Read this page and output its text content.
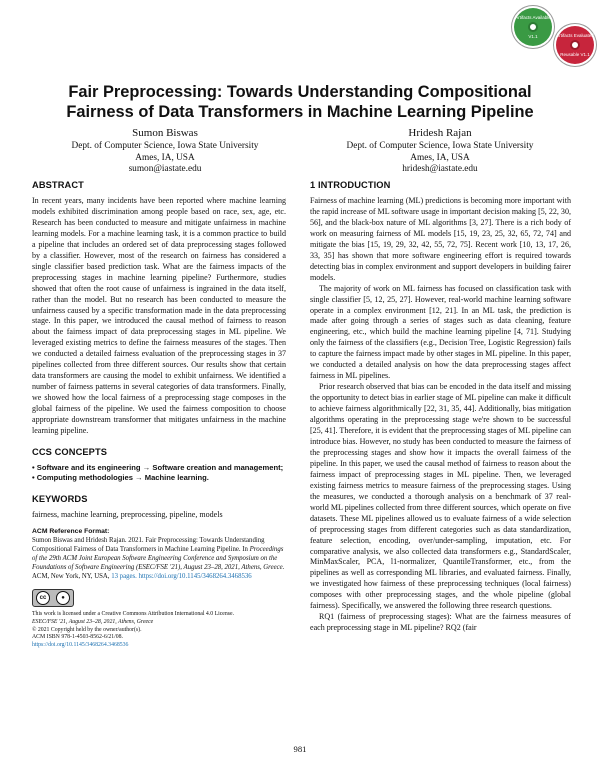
Artifacts Available
V1.1	Artifacts Evaluated
Reusable V1.1
Fair Preprocessing: Towards Understanding Compositional
Fairness of Data Transformers in Machine Learning Pipeline
Sumon Biswas
Dept. of Computer Science, Iowa State University
Ames, IA, USA
sumon@iastate.edu
Hridesh Rajan
Dept. of Computer Science, Iowa State University
Ames, IA, USA
hridesh@iastate.edu
ABSTRACT

In recent years, many incidents have been reported where machine learning models exhibited discrimination among people based on race, sex, age, etc. Research has been conducted to measure and mitigate unfairness in machine learning models. For a machine learning task, it is a common practice to build a pipeline that includes an ordered set of data preprocessing stages followed by a classifier. However, most of the research on fairness has considered a single classifier based prediction task. What are the fairness impacts of the preprocessing stages in machine learning pipeline? Furthermore, studies showed that often the root cause of unfairness is ingrained in the data itself, rather than the model. But no research has been conducted to measure the unfairness caused by a specific transformation made in the data preprocessing stage. In this paper, we introduced the causal method of fairness to reason about the fairness impact of data preprocessing stages in ML pipeline. We leveraged existing metrics to define the fairness measures of the stages. Then we conducted a detailed fairness evaluation of the preprocessing stages in 37 pipelines collected from three different sources. Our results show that certain data transformers are causing the model to exhibit unfairness. We identified a number of fairness patterns in several categories of data transformers. Finally, we showed how the local fairness of a preprocessing stage composes in the global fairness of the pipeline. We used the fairness composition to choose appropriate downstream transformer that mitigates unfairness in the machine learning pipeline.

CCS CONCEPTS

• Software and its engineering → Software creation and management; • Computing methodologies → Machine learning.

KEYWORDS

fairness, machine learning, preprocessing, pipeline, models

ACM Reference Format:
Sumon Biswas and Hridesh Rajan. 2021. Fair Preprocessing: Towards Understanding Compositional Fairness of Data Transformers in Machine Learning Pipeline. In Proceedings of the 29th ACM Joint European Software Engineering Conference and Symposium on the Foundations of Software Engineering (ESEC/FSE '21), August 23–28, 2021, Athens, Greece. ACM, New York, NY, USA, 13 pages. https://doi.org/10.1145/3468264.3468536
cc	●
This work is licensed under a Creative Commons Attribution International 4.0 License.
ESEC/FSE '21, August 23–28, 2021, Athens, Greece
© 2021 Copyright held by the owner/author(s).
ACM ISBN 978-1-4503-8562-6/21/08.
https://doi.org/10.1145/3468264.3468536
1 INTRODUCTION

Fairness of machine learning (ML) predictions is becoming more important with the rapid increase of ML software usage in important decision making [5, 22, 30, 56], and the black-box nature of ML algorithms [3, 27]. There is a rich body of work on measuring fairness of ML models [15, 19, 23, 25, 32, 65, 72, 74] and mitigate the bias [15, 19, 29, 32, 42, 55, 72, 75]. Recent work [10, 13, 17, 26, 33, 35] has shown that more software engineering effort is required towards detecting bias in complex environment and support developers in building fairer models.

The majority of work on ML fairness has focused on classification task with single classifier [5, 12, 25, 27]. However, real-world machine learning software operate in a complex environment [12, 21]. In an ML task, the prediction is made after going through a series of stages such as data cleaning, feature engineering, etc., which build the machine learning pipeline [4, 71]. Studying only the fairness of the classifiers (e.g., Decision Tree, Logistic Regression) fails to capture the fairness impact made by other stages in ML pipeline. In this paper, we conducted a detailed analysis on how the data preprocessing stages affect fairness in ML pipelines.

Prior research observed that bias can be encoded in the data itself and missing the opportunity to detect bias in earlier stage of ML pipeline can make it difficult to achieve fairness algorithmically [22, 31, 35, 44]. Additionally, bias mitigation algorithms operating in the preprocessing stage we're shown to be successful [25, 41]. Therefore, it is evident that the preprocessing stages of ML pipeline can introduce bias. However, no study has been conducted to measure the fairness of the preprocessing stages and show how it impacts the overall fairness of the pipeline. In this paper, we used the causal method of fairness to reason about the fairness impact of preprocessing stages in ML pipeline. Then, we leveraged existing fairness metrics to measure fairness of the preprocessing stages. Using the measures, we conducted a thorough analysis on a benchmark of 37 real-world ML pipelines collected from three different sources, which operate on five datasets. These ML pipelines allowed us to evaluate fairness of a wide selection of preprocessing stages from different categories such as data standardization, feature selection, encoding, over/under-sampling, imputation, etc. For comparative analysis, we also collected data transformers e.g., StandardScaler, MinMaxScaler, PCA, l1-normalizer, QuantileTransformer, etc., from the pipelines as well as corresponding ML libraries, and evaluated fairness. Finally, we investigated how fairness of these preprocessing techniques (local fairness) composes with other preprocessing stages, and the whole pipeline (global fairness). Specifically, we answered the following three research questions.

RQ1 (fairness of preprocessing stages): What are the fairness measures of each preprocessing stage in ML pipeline? RQ2 (fair

981
